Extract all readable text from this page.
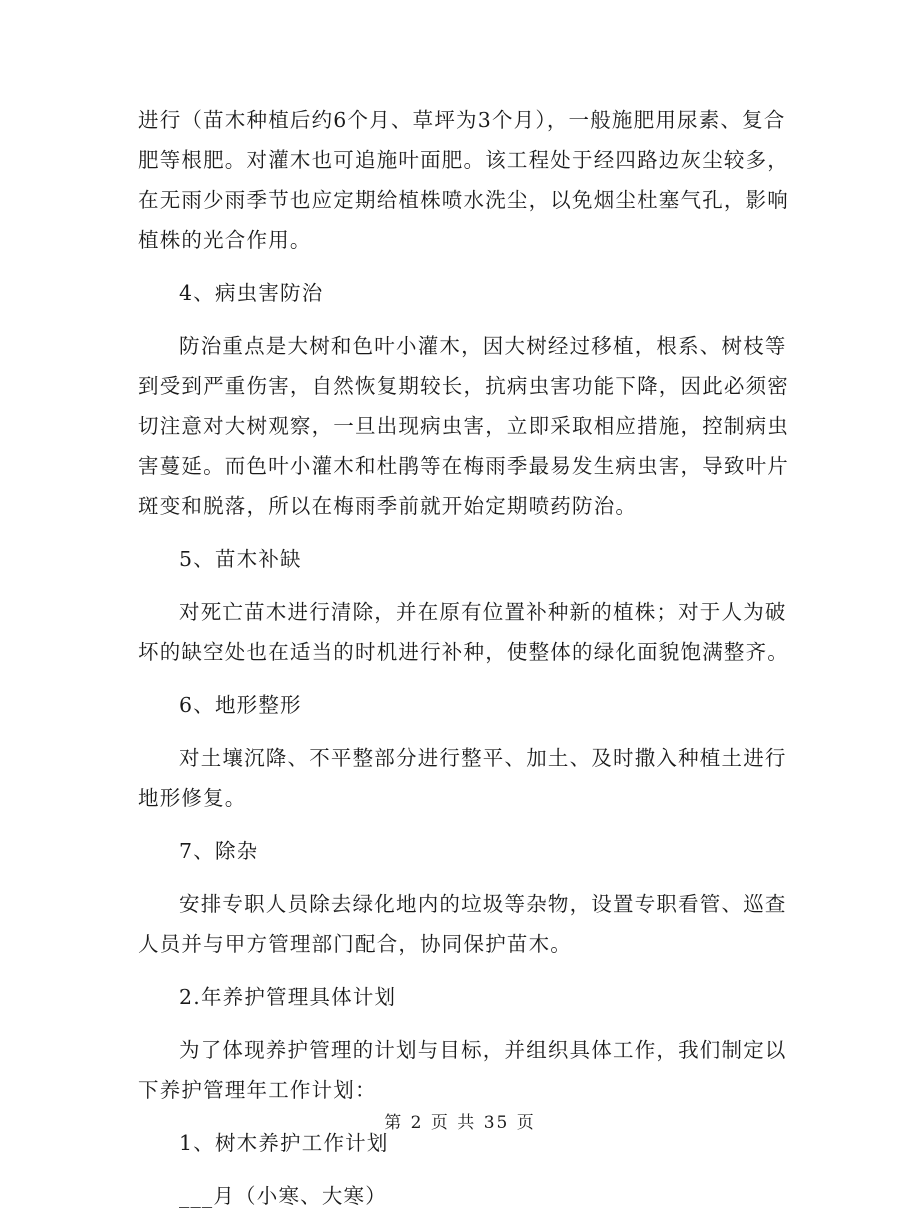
进行（苗木种植后约6个月、草坪为3个月），一般施肥用尿素、复合
肥等根肥。对灌木也可追施叶面肥。该工程处于经四路边灰尘较多，
在无雨少雨季节也应定期给植株喷水洗尘，以免烟尘杜塞气孔，影响
植株的光合作用。
4、病虫害防治
防治重点是大树和色叶小灌木，因大树经过移植，根系、树枝等
到受到严重伤害，自然恢复期较长，抗病虫害功能下降，因此必须密
切注意对大树观察，一旦出现病虫害，立即采取相应措施，控制病虫
害蔓延。而色叶小灌木和杜鹃等在梅雨季最易发生病虫害，导致叶片
斑变和脱落，所以在梅雨季前就开始定期喷药防治。
5、苗木补缺
对死亡苗木进行清除，并在原有位置补种新的植株；对于人为破
坏的缺空处也在适当的时机进行补种，使整体的绿化面貌饱满整齐。
6、地形整形
对土壤沉降、不平整部分进行整平、加土、及时撒入种植土进行
地形修复。
7、除杂
安排专职人员除去绿化地内的垃圾等杂物，设置专职看管、巡查
人员并与甲方管理部门配合，协同保护苗木。
2.年养护管理具体计划
为了体现养护管理的计划与目标，并组织具体工作，我们制定以
下养护管理年工作计划：
1、树木养护工作计划
___月（小寒、大寒）
第 2 页 共 35 页
